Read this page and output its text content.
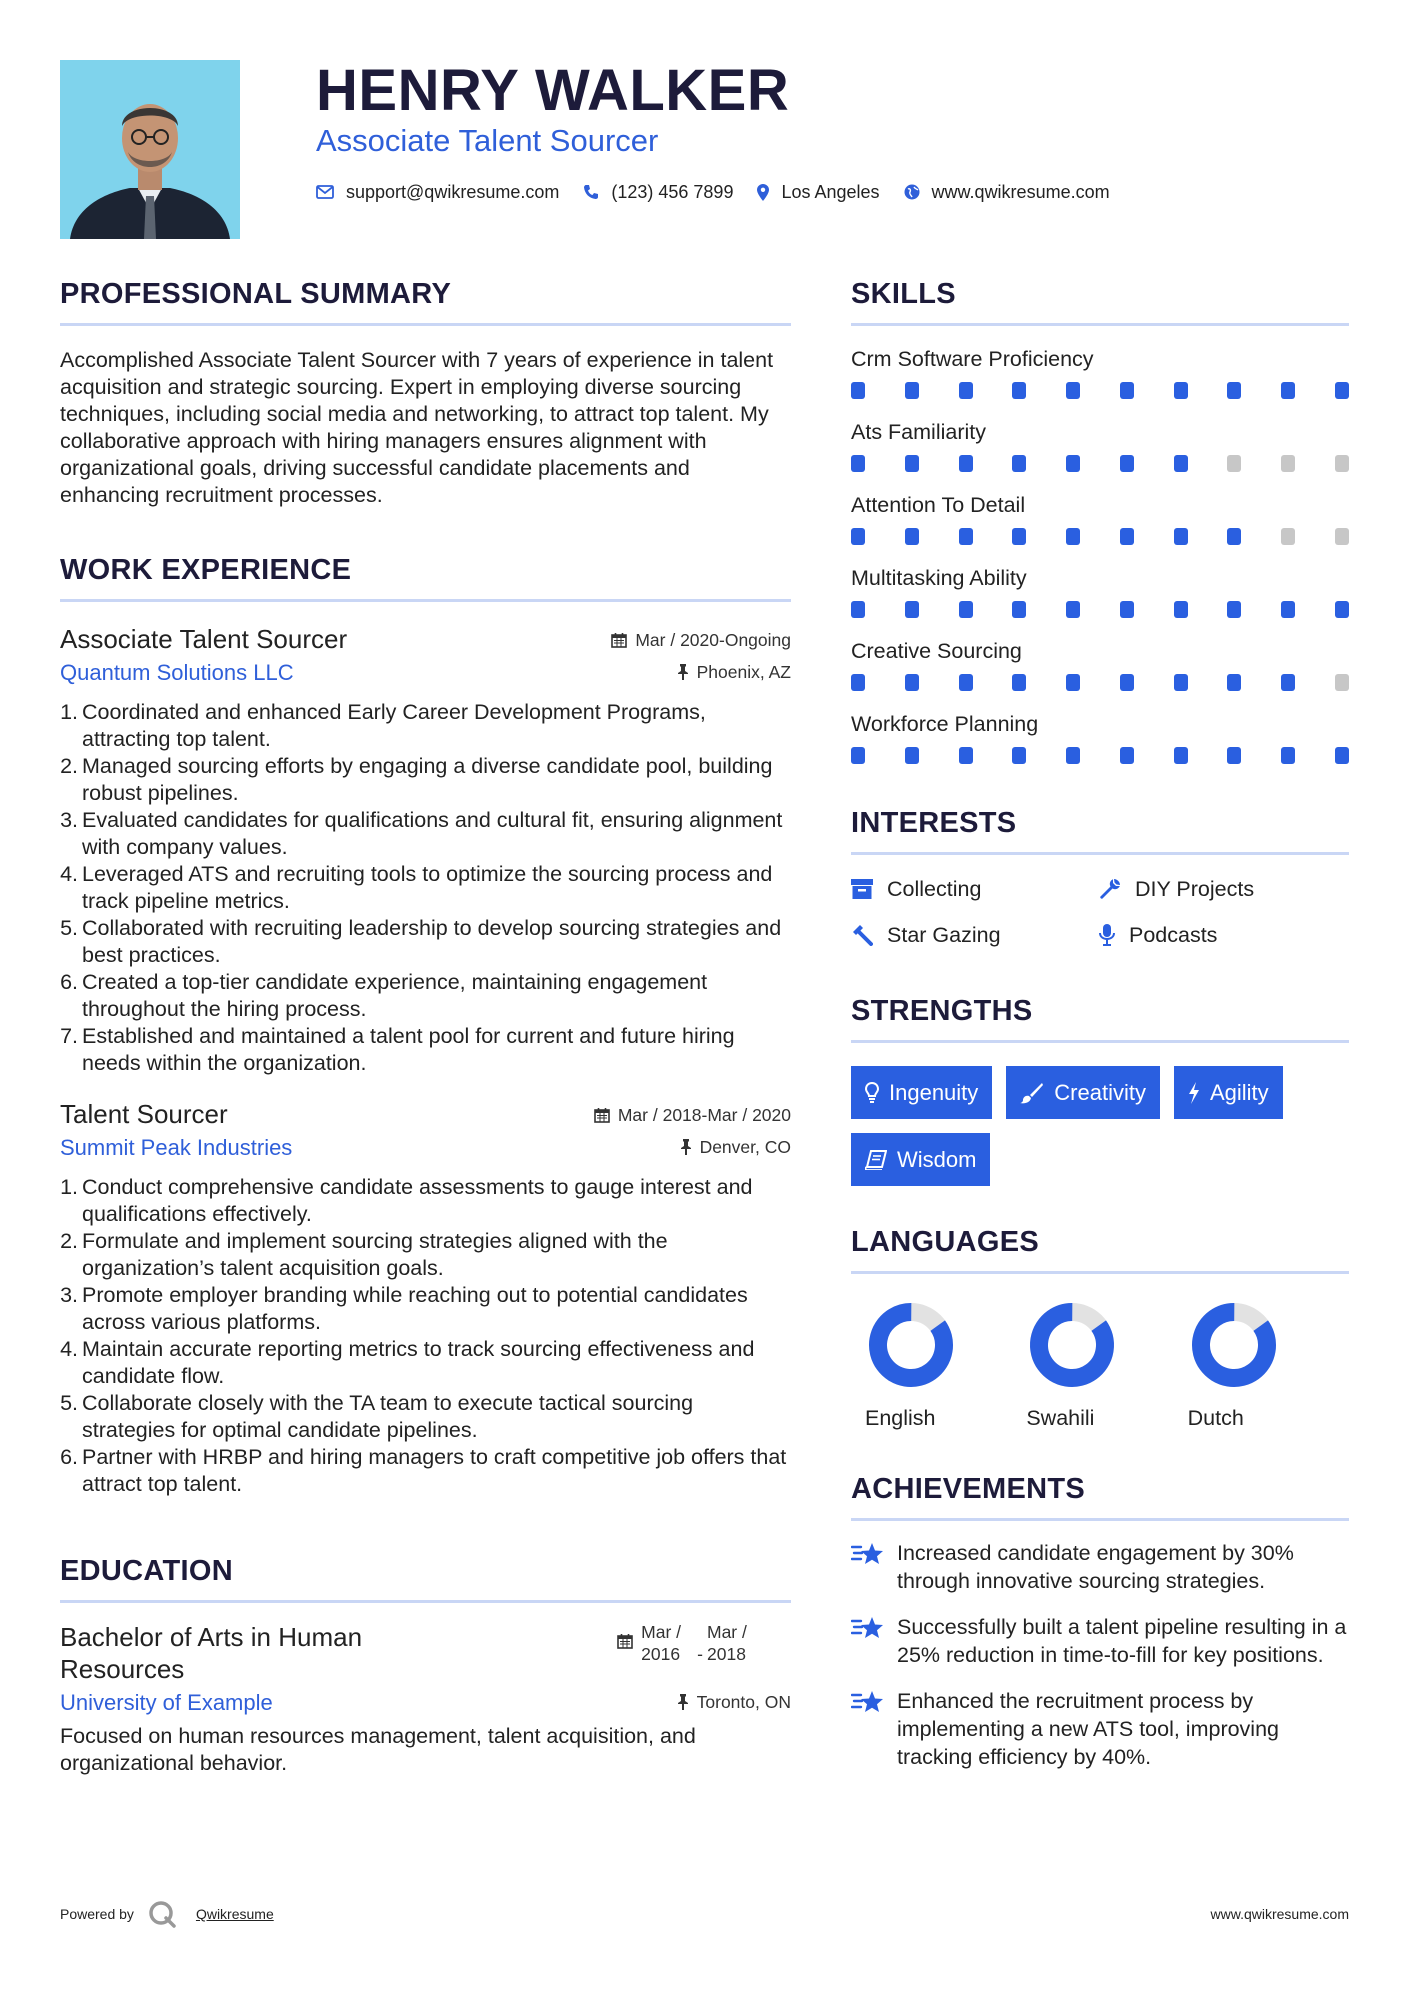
HENRY WALKER
Associate Talent Sourcer
support@qwikresume.com	(123) 456 7899	Los Angeles	www.qwikresume.com
PROFESSIONAL SUMMARY

Accomplished Associate Talent Sourcer with 7 years of experience in talent acquisition and strategic sourcing. Expert in employing diverse sourcing techniques, including social media and networking, to attract top talent. My collaborative approach with hiring managers ensures alignment with organizational goals, driving successful candidate placements and enhancing recruitment processes.

WORK EXPERIENCE
Associate Talent Sourcer	Mar / 2020-Ongoing
Quantum Solutions LLC	Phoenix, AZ
1. Coordinated and enhanced Early Career Development Programs, attracting top talent.
2. Managed sourcing efforts by engaging a diverse candidate pool, building robust pipelines.
3. Evaluated candidates for qualifications and cultural fit, ensuring alignment with company values.
4. Leveraged ATS and recruiting tools to optimize the sourcing process and track pipeline metrics.
5. Collaborated with recruiting leadership to develop sourcing strategies and best practices.
6. Created a top-tier candidate experience, maintaining engagement throughout the hiring process.
7. Established and maintained a talent pool for current and future hiring needs within the organization.
Talent Sourcer	Mar / 2018-Mar / 2020
Summit Peak Industries	Denver, CO
1. Conduct comprehensive candidate assessments to gauge interest and qualifications effectively.
2. Formulate and implement sourcing strategies aligned with the organization’s talent acquisition goals.
3. Promote employer branding while reaching out to potential candidates across various platforms.
4. Maintain accurate reporting metrics to track sourcing effectiveness and candidate flow.
5. Collaborate closely with the TA team to execute tactical sourcing strategies for optimal candidate pipelines.
6. Partner with HRBP and hiring managers to craft competitive job offers that attract top talent.
EDUCATION
Bachelor of Arts in Human Resources
Mar / 2016 -
Mar / 2018
University of Example	Toronto, ON

Focused on human resources management, talent acquisition, and organizational behavior.

SKILLS
Crm Software Proficiency
Ats Familiarity
Attention To Detail
Multitasking Ability
Creative Sourcing
Workforce Planning
INTERESTS
Collecting	DIY Projects
Star Gazing	Podcasts
STRENGTHS
Ingenuity	Creativity	Agility
Wisdom
LANGUAGES
English	Swahili	Dutch
ACHIEVEMENTS
Increased candidate engagement by 30% through innovative sourcing strategies.
Successfully built a talent pipeline resulting in a 25% reduction in time-to-fill for key positions.
Enhanced the recruitment process by implementing a new ATS tool, improving tracking efficiency by 40%.
Powered by	Qwikresume	www.qwikresume.com
